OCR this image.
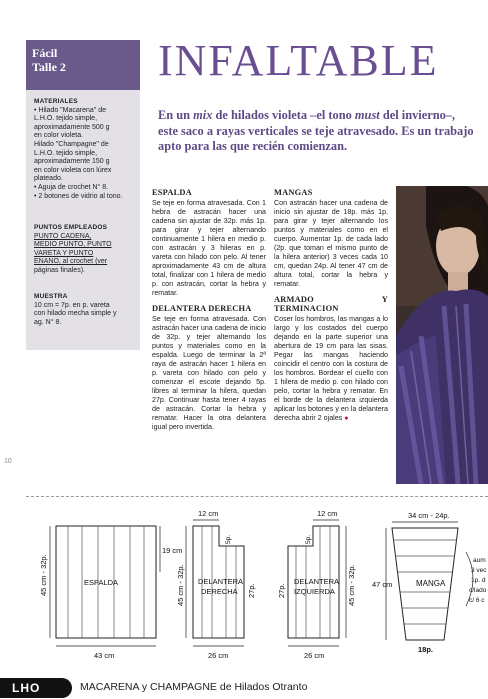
Fácil
Talle 2
MATERIALES
• Hilado "Macarena" de
L.H.O. tejido simple,
aproximadamente 500 g
en color violeta.
Hilado "Champagne" de
L.H.O. tejido simple,
aproximadamente 150 g
en color violeta con lúrex
plateado.
• Aguja de crochet N° 8.
• 2 botones de vidrio al tono.
PUNTOS EMPLEADOS
PUNTO CADENA,
MEDIO PUNTO, PUNTO
VARETA Y PUNTO
ENANO, al crochet (ver
páginas finales).
MUESTRA
10 cm = 7p. en p. vareta
con hilado mecha simple y
ag. N° 8.
INFALTABLE
En un mix de hilados violeta –el tono must del invierno–, este saco a rayas verticales se teje atravesado. Es un trabajo apto para las que recién comienzan.
ESPALDA

Se teje en forma atravesada. Con 1 hebra de astracán hacer una cadena sin ajustar de 32p. más 1p. para girar y tejer alternando continuamente 1 hilera en medio p. con astracán y 3 hileras en p. vareta con hilado con pelo. Al tener aproximadamente 43 cm de altura total, finalizar con 1 hilera de medio p. con astracán, cortar la hebra y rematar.

DELANTERA DERECHA

Se teje en forma atravesada. Con astracán hacer una cadena de inicio de 32p. y tejer alternando los puntos y materiales como en la espalda. Luego de terminar la 2ª raya de astracán hacer 1 hilera en p. vareta con hilado con pelo y comenzar el escote dejando 5p. libres al terminar la hilera, quedan 27p. Continuar hasta tener 4 rayas de astracán. Cortar la hebra y rematar. Hacer la otra delantera igual pero invertida.

MANGAS

Con astracán hacer una cadena de inicio sin ajustar de 18p. más 1p. para girar y tejer alternando los puntos y materiales como en el cuerpo. Aumentar 1p. de cada lado (2p. que toman el mismo punto de la hilera anterior) 3 veces cada 10 cm, quedan 24p. Al tener 47 cm de altura total, cortar la hebra y rematar.

ARMADO Y TERMINACION

Coser los hombros, las mangas a lo largo y los costados del cuerpo dejando en la parte superior una abertura de 19 cm para las sisas. Pegar las mangas haciendo coincidir el centro con la costura de los hombros. Bordear el cuello con 1 hilera de medio p. con hilado con pelo, cortar la hebra y rematar. En el borde de la delantera izquierda aplicar los botones y en la delantera derecha abrir 2 ojales ●

10
ESPALDA
45 cm - 32p.
43 cm
19 cm
12 cm
5p.
45 cm - 32p.	27p.
DELANTERA
DERECHA
26 cm
12 cm
5p.
27p.	45 cm - 32p.
DELANTERA
IZQUIERDA
26 cm
34 cm - 24p.
47 cm	MANGA
18p.
aum
3 vec
1p. d
c/lado
c/ 6 c
LHO	MACARENA y CHAMPAGNE de Hilados Otranto
